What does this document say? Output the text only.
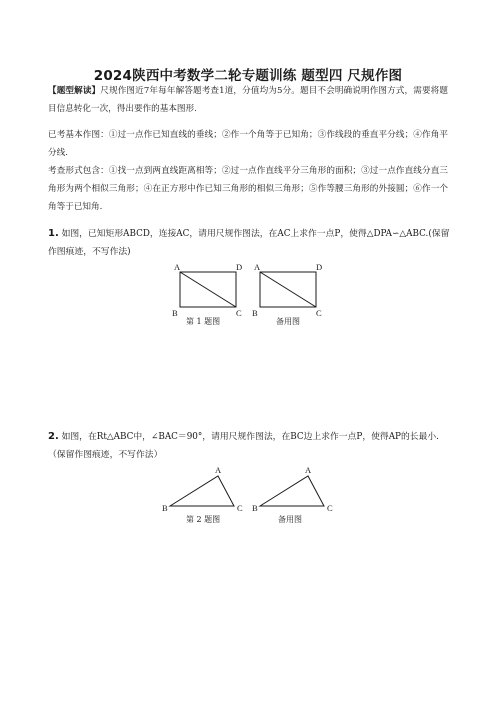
2024陕西中考数学二轮专题训练 题型四 尺规作图
【题型解读】尺规作图近7年每年解答题考查1道，分值均为5分。题目不会明确说明作图方式，需要将题目信息转化一次，得出要作的基本图形.
已考基本作图：①过一点作已知直线的垂线；②作一个角等于已知角；③作线段的垂直平分线；④作角平分线.
考查形式包含：①找一点到两直线距离相等；②过一点作直线平分三角形的面积；③过一点作直线分直三角形为两个相似三角形；④在正方形中作已知三角形的相似三角形；⑤作等腰三角形的外接圆；⑥作一个角等于已知角.
1. 如图，已知矩形ABCD，连接AC，请用尺规作图法，在AC上求作一点P，使得△DPA∽△ABC.(保留作图痕迹，不写作法)
A	D
B	C
第 1 题图
A	D
B	C
备用图
2. 如图，在Rt△ABC中，∠BAC＝90°，请用尺规作图法，在BC边上求作一点P，使得AP的长最小.（保留作图痕迹，不写作法）
A
B	C
第 2 题图
A
B	C
备用图
